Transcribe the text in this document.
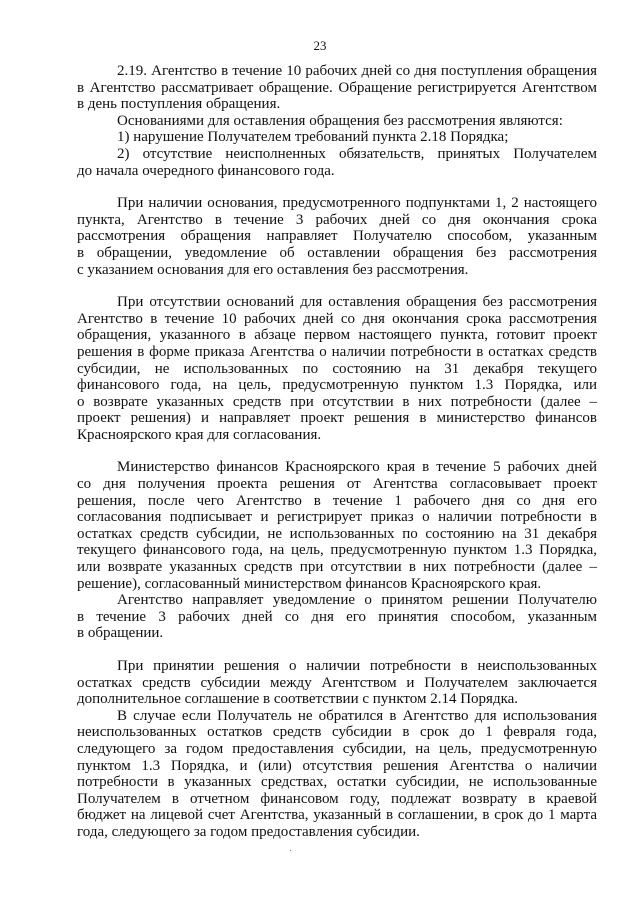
23
2.19. Агентство в течение 10 рабочих дней со дня поступления обращения
в Агентство рассматривает обращение. Обращение регистрируется Агентством
в день поступления обращения.
Основаниями для оставления обращения без рассмотрения являются:
1) нарушение Получателем требований пункта 2.18 Порядка;
2) отсутствие неисполненных обязательств, принятых Получателем
до начала очередного финансового года.
При наличии основания, предусмотренного подпунктами 1, 2 настоящего
пункта, Агентство в течение 3 рабочих дней со дня окончания срока
рассмотрения обращения направляет Получателю способом, указанным
в обращении, уведомление об оставлении обращения без рассмотрения
с указанием основания для его оставления без рассмотрения.
При отсутствии оснований для оставления обращения без рассмотрения
Агентство в течение 10 рабочих дней со дня окончания срока рассмотрения
обращения, указанного в абзаце первом настоящего пункта, готовит проект
решения в форме приказа Агентства о наличии потребности в остатках средств
субсидии, не использованных по состоянию на 31 декабря текущего
финансового года, на цель, предусмотренную пунктом 1.3 Порядка, или
о возврате указанных средств при отсутствии в них потребности (далее –
проект решения) и направляет проект решения в министерство финансов
Красноярского края для согласования.
Министерство финансов Красноярского края в течение 5 рабочих дней
со дня получения проекта решения от Агентства согласовывает проект
решения, после чего Агентство в течение 1 рабочего дня со дня его
согласования подписывает и регистрирует приказ о наличии потребности в
остатках средств субсидии, не использованных по состоянию на 31 декабря
текущего финансового года, на цель, предусмотренную пунктом 1.3 Порядка,
или возврате указанных средств при отсутствии в них потребности (далее –
решение), согласованный министерством финансов Красноярского края.
Агентство направляет уведомление о принятом решении Получателю
в течение 3 рабочих дней со дня его принятия способом, указанным
в обращении.
При принятии решения о наличии потребности в неиспользованных
остатках средств субсидии между Агентством и Получателем заключается
дополнительное соглашение в соответствии с пунктом 2.14 Порядка.
В случае если Получатель не обратился в Агентство для использования
неиспользованных остатков средств субсидии в срок до 1 февраля года,
следующего за годом предоставления субсидии, на цель, предусмотренную
пунктом 1.3 Порядка, и (или) отсутствия решения Агентства о наличии
потребности в указанных средствах, остатки субсидии, не использованные
Получателем в отчетном финансовом году, подлежат возврату в краевой
бюджет на лицевой счет Агентства, указанный в соглашении, в срок до 1 марта
года, следующего за годом предоставления субсидии.
